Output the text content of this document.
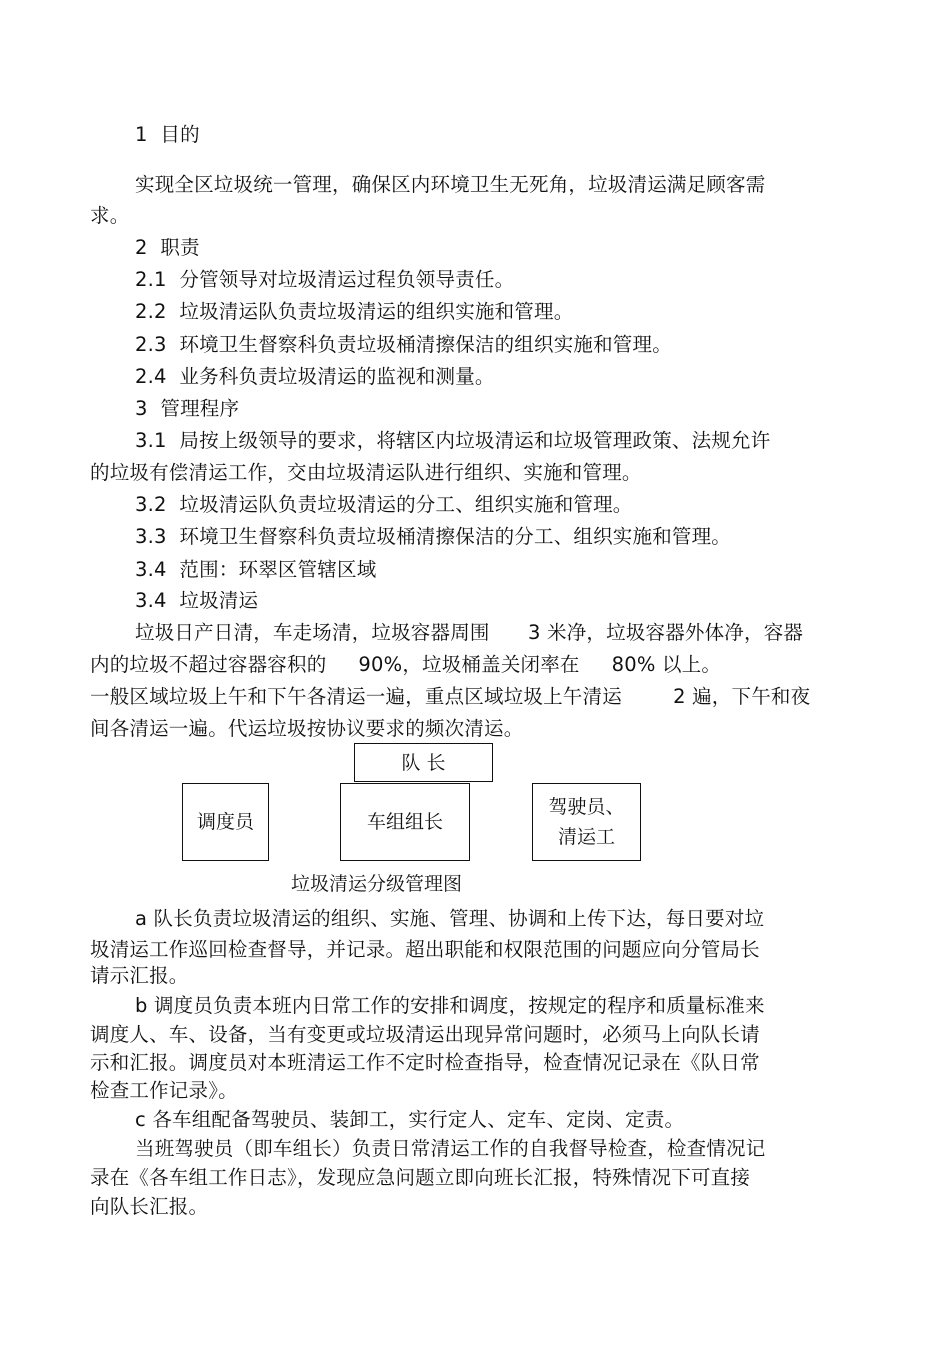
1  目的
实现全区垃圾统一管理，确保区内环境卫生无死角，垃圾清运满足顾客需
求。
2  职责
2.1  分管领导对垃圾清运过程负领导责任。
2.2  垃圾清运队负责垃圾清运的组织实施和管理。
2.3  环境卫生督察科负责垃圾桶清擦保洁的组织实施和管理。
2.4  业务科负责垃圾清运的监视和测量。
3  管理程序
3.1  局按上级领导的要求，将辖区内垃圾清运和垃圾管理政策、法规允许
的垃圾有偿清运工作，交由垃圾清运队进行组织、实施和管理。
3.2  垃圾清运队负责垃圾清运的分工、组织实施和管理。
3.3  环境卫生督察科负责垃圾桶清擦保洁的分工、组织实施和管理。
3.4  范围：环翠区管辖区域
3.4  垃圾清运
垃圾日产日清，车走场清，垃圾容器周围      3 米净，垃圾容器外体净，容器
内的垃圾不超过容器容积的     90%，垃圾桶盖关闭率在     80% 以上。
一般区域垃圾上午和下午各清运一遍，重点区域垃圾上午清运        2 遍，下午和夜
间各清运一遍。代运垃圾按协议要求的频次清运。
队 长
调度员	车组组长
驾驶员、
清运工
垃圾清运分级管理图
a 队长负责垃圾清运的组织、实施、管理、协调和上传下达，每日要对垃
圾清运工作巡回检查督导，并记录。超出职能和权限范围的问题应向分管局长
请示汇报。
b 调度员负责本班内日常工作的安排和调度，按规定的程序和质量标准来
调度人、车、设备，当有变更或垃圾清运出现异常问题时，必须马上向队长请
示和汇报。调度员对本班清运工作不定时检查指导，检查情况记录在《队日常
检查工作记录》。
c 各车组配备驾驶员、装卸工，实行定人、定车、定岗、定责。
当班驾驶员（即车组长）负责日常清运工作的自我督导检查，检查情况记
录在《各车组工作日志》，发现应急问题立即向班长汇报，特殊情况下可直接
向队长汇报。
